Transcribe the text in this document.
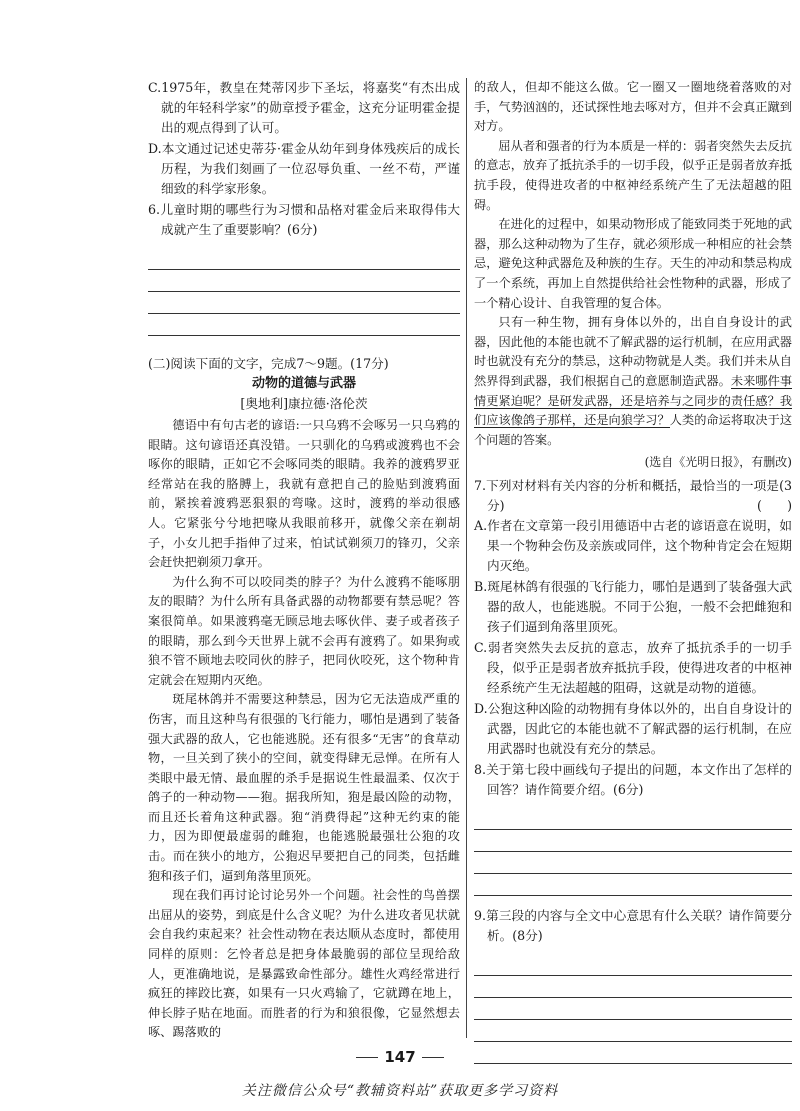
C.1975年，教皇在梵蒂冈步下圣坛，将嘉奖“有杰出成就的年轻科学家”的勋章授予霍金，这充分证明霍金提出的观点得到了认可。

D.本文通过记述史蒂芬·霍金从幼年到身体残疾后的成长历程，为我们刻画了一位忍辱负重、一丝不苟，严谨细致的科学家形象。

6.儿童时期的哪些行为习惯和品格对霍金后来取得伟大成就产生了重要影响？(6分)

(二)阅读下面的文字，完成7～9题。(17分)

动物的道德与武器

[奥地利]康拉德·洛伦茨

德语中有句古老的谚语:一只乌鸦不会啄另一只乌鸦的眼睛。这句谚语还真没错。一只驯化的乌鸦或渡鸦也不会啄你的眼睛，正如它不会啄同类的眼睛。我养的渡鸦罗亚经常站在我的胳膊上，我就有意把自己的脸贴到渡鸦面前，紧挨着渡鸦恶狠狠的弯喙。这时，渡鸦的举动很感人。它紧张兮兮地把喙从我眼前移开，就像父亲在剃胡子，小女儿把手指伸了过来，怕试试剃须刀的锋刃，父亲会赶快把剃须刀拿开。

为什么狗不可以咬同类的脖子？为什么渡鸦不能啄朋友的眼睛？为什么所有具备武器的动物都要有禁忌呢？答案很简单。如果渡鸦毫无顾忌地去啄伙伴、妻子或者孩子的眼睛，那么到今天世界上就不会再有渡鸦了。如果狗或狼不管不顾地去咬同伙的脖子，把同伙咬死，这个物种肯定就会在短期内灭绝。

斑尾林鸽并不需要这种禁忌，因为它无法造成严重的伤害，而且这种鸟有很强的飞行能力，哪怕是遇到了装备强大武器的敌人，它也能逃脱。还有很多“无害”的食草动物，一旦关到了狭小的空间，就变得肆无忌惮。在所有人类眼中最无情、最血腥的杀手是据说生性最温柔、仅次于鸽子的一种动物——狍。据我所知，狍是最凶险的动物，而且还长着角这种武器。狍“消费得起”这种无约束的能力，因为即便最虚弱的雌狍，也能逃脱最强壮公狍的攻击。而在狭小的地方，公狍迟早要把自己的同类，包括雌狍和孩子们，逼到角落里顶死。

现在我们再讨论讨论另外一个问题。社会性的鸟兽摆出屈从的姿势，到底是什么含义呢？为什么进攻者见状就会自我约束起来？社会性动物在表达顺从态度时，都使用同样的原则：乞怜者总是把身体最脆弱的部位呈现给敌人，更准确地说，是暴露致命性部分。雄性火鸡经常进行疯狂的摔跤比赛，如果有一只火鸡输了，它就蹲在地上，伸长脖子贴在地面。而胜者的行为和狼很像，它显然想去啄、踢落败的

的敌人，但却不能这么做。它一圈又一圈地绕着落败的对手，气势汹汹的，还试探性地去啄对方，但并不会真正蹴到对方。

屈从者和强者的行为本质是一样的：弱者突然失去反抗的意志，放弃了抵抗杀手的一切手段，似乎正是弱者放弃抵抗手段，使得进攻者的中枢神经系统产生了无法超越的阻碍。

在进化的过程中，如果动物形成了能致同类于死地的武器，那么这种动物为了生存，就必须形成一种相应的社会禁忌，避免这种武器危及种族的生存。天生的冲动和禁忌构成了一个系统，再加上自然提供给社会性物种的武器，形成了一个精心设计、自我管理的复合体。

只有一种生物，拥有身体以外的，出自自身设计的武器，因此他的本能也就不了解武器的运行机制，在应用武器时也就没有充分的禁忌，这种动物就是人类。我们并未从自然界得到武器，我们根据自己的意愿制造武器。未来哪件事情更紧迫呢？是研发武器，还是培养与之同步的责任感？我们应该像鸽子那样，还是向狼学习？人类的命运将取决于这个问题的答案。

(选自《光明日报》，有删改)

7.下列对材料有关内容的分析和概括，最恰当的一项是(3分)	(　　)

A.作者在文章第一段引用德语中古老的谚语意在说明，如果一个物种会伤及亲族或同伴，这个物种肯定会在短期内灭绝。

B.斑尾林鸽有很强的飞行能力，哪怕是遇到了装备强大武器的敌人，也能逃脱。不同于公狍，一般不会把雌狍和孩子们逼到角落里顶死。

C.弱者突然失去反抗的意志，放弃了抵抗杀手的一切手段，似乎正是弱者放弃抵抗手段，使得进攻者的中枢神经系统产生无法超越的阻碍，这就是动物的道德。

D.公狍这种凶险的动物拥有身体以外的，出自自身设计的武器，因此它的本能也就不了解武器的运行机制，在应用武器时也就没有充分的禁忌。

8.关于第七段中画线句子提出的问题，本文作出了怎样的回答？请作简要介绍。(6分)

9.第三段的内容与全文中心意思有什么关联？请作简要分析。(8分)

147
关注微信公众号“教辅资料站”获取更多学习资料
